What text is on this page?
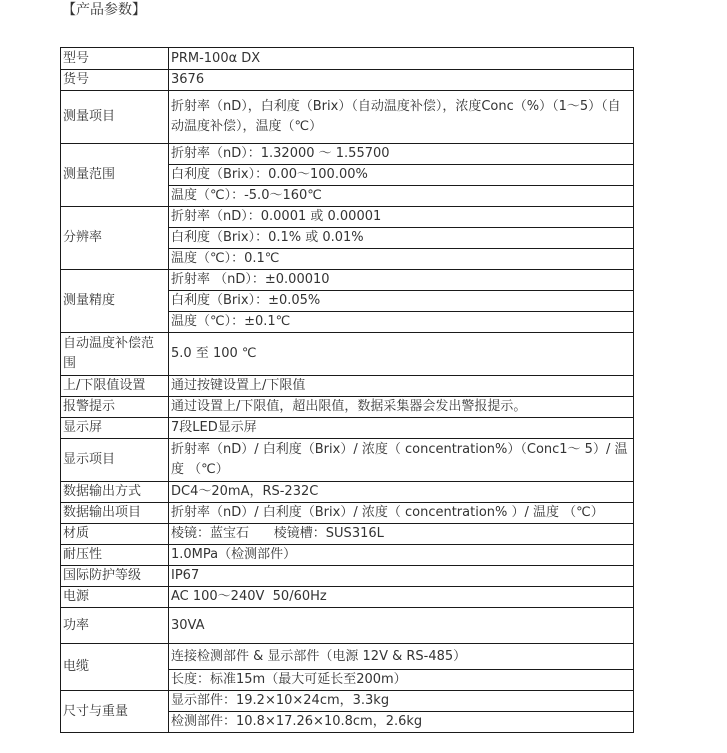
【产品参数】
型号	PRM-100α DX
货号	3676
测量项目	折射率（nD），白利度（Brix）（自动温度补偿），浓度Conc（%）（1～5）（自动温度补偿），温度（℃）
测量范围	折射率（nD）：1.32000 ～ 1.55700
	白利度（Brix）：0.00～100.00%
	温度（℃）：-5.0～160℃
分辨率	折射率（nD）：0.0001 或 0.00001
	白利度（Brix）：0.1% 或 0.01%
	温度（℃）：0.1℃
测量精度	折射率 （nD）：±0.00010
	白利度（Brix）：±0.05%
	温度（℃）：±0.1℃
自动温度补偿范围	5.0 至 100 ℃
上/下限值设置	通过按键设置上/下限值
报警提示	通过设置上/下限值，超出限值，数据采集器会发出警报提示。
显示屏	7段LED显示屏
显示项目	折射率（nD）/ 白利度（Brix）/ 浓度（ concentration%）（Conc1～ 5）/ 温度 （℃）
数据输出方式	DC4～20mA，RS-232C
数据输出项目	折射率（nD）/ 白利度（Brix）/ 浓度（ concentration% ）/ 温度 （℃）
材质	棱镜：蓝宝石      棱镜槽：SUS316L
耐压性	1.0MPa（检测部件）
国际防护等级	IP67
电源	AC 100～240V  50/60Hz
功率	30VA
电缆	连接检测部件 & 显示部件（电源 12V & RS-485）
	长度：标准15m（最大可延长至200m）
尺寸与重量	显示部件：19.2×10×24cm，3.3kg
	检测部件：10.8×17.26×10.8cm，2.6kg
